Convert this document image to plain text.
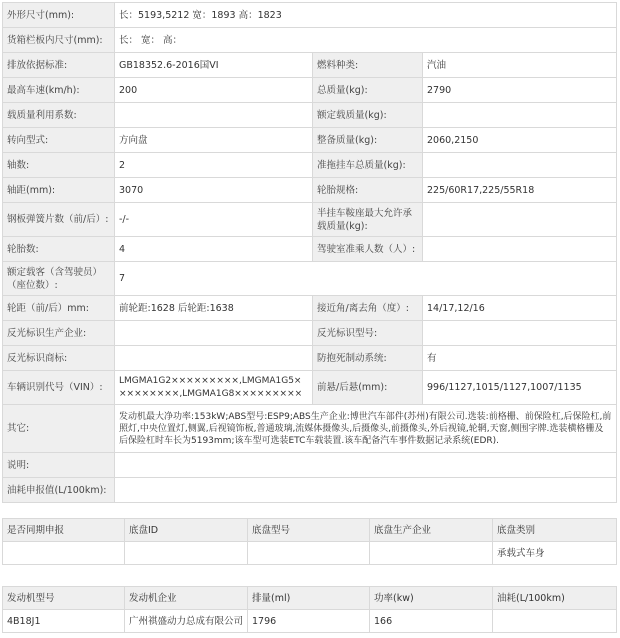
外形尺寸(mm):	长：5193,5212 宽：1893 高：1823		
货箱栏板内尺寸(mm):	长： 宽： 高：		
排放依据标准:	GB18352.6-2016国VI	燃料种类:	汽油
最高车速(km/h):	200	总质量(kg):	2790
载质量利用系数:		额定载质量(kg):	
转向型式:	方向盘	整备质量(kg):	2060,2150
轴数:	2	准拖挂车总质量(kg):	
轴距(mm):	3070	轮胎规格:	225/60R17,225/55R18
钢板弹簧片数（前/后）:	-/-	半挂车鞍座最大允许承载质量(kg):	
轮胎数:	4	驾驶室准乘人数（人）:	
额定载客（含驾驶员）（座位数）:	7		
轮距（前/后）mm:	前轮距:1628 后轮距:1638	接近角/离去角（度）:	14/17,12/16
反光标识生产企业:		反光标识型号:	
反光标识商标:		防抱死制动系统:	有
车辆识别代号（VIN）:	LMGMA1G2×××××××××,LMGMA1G5×××××××××,LMGMA1G8×××××××××	前悬/后悬(mm):	996/1127,1015/1127,1007/1135
其它:	发动机最大净功率:153kW;ABS型号:ESP9;ABS生产企业:博世汽车部件(苏州)有限公司.选装:前格栅、前保险杠,后保险杠,前照灯,中央位置灯,侧翼,后视镜饰板,普通玻璃,流媒体摄像头,后摄像头,前摄像头,外后视镜,轮辋,天窗,侧围字牌.选装横格栅及后保险杠时车长为5193mm;该车型可选装ETC车载装置.该车配备汽车事件数据记录系统(EDR).		
说明:			
油耗申报值(L/100km):			
是否同期申报	底盘ID	底盘型号	底盘生产企业	底盘类别
				承载式车身
发动机型号	发动机企业	排量(ml)	功率(kw)	油耗(L/100km)
4B18J1	广州祺盛动力总成有限公司	1796	166	
